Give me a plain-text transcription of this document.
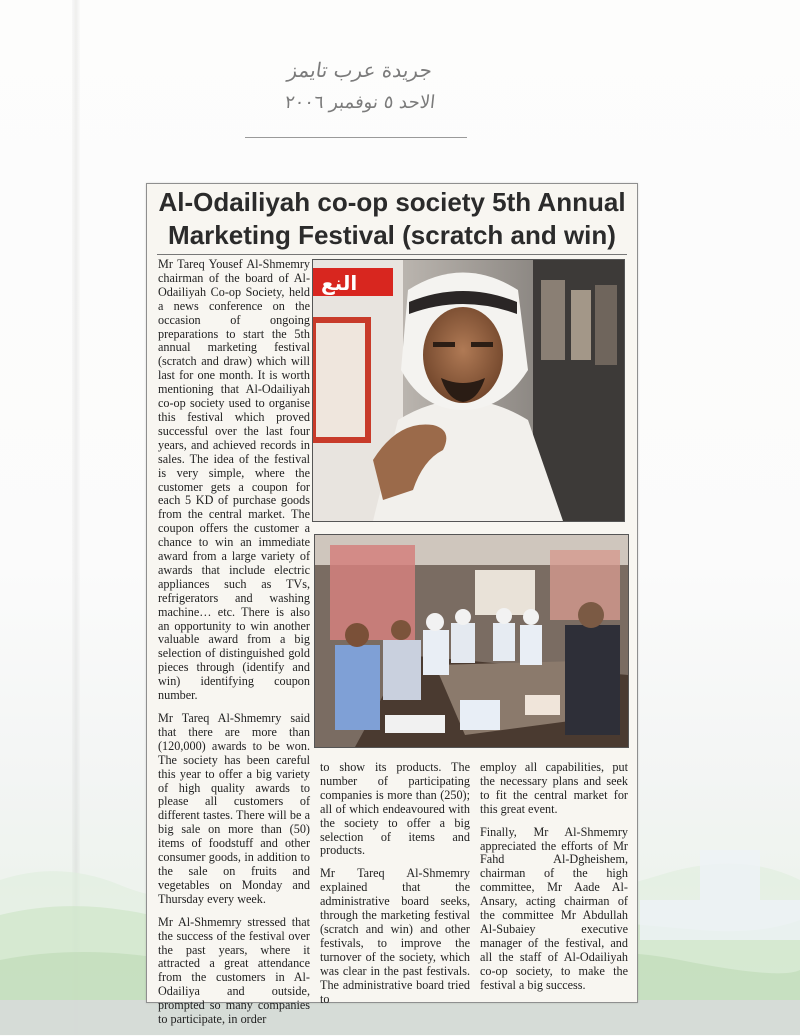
جريدة عرب تايمز
الاحد ٥ نوفمبر ٢٠٠٦
Al-Odailiyah co-op society 5th Annual
Marketing Festival (scratch and win)

Mr Tareq Yousef Al-Shmemry chairman of the board of Al-Odailiyah Co-op Society, held a news conference on the occasion of ongoing preparations to start the 5th annual marketing festival (scratch and draw) which will last for one month. It is worth mentioning that Al-Odailiyah co-op society used to organise this festival which proved successful over the last four years, and achieved records in sales. The idea of the festival is very simple, where the customer gets a coupon for each 5 KD of purchase goods from the central market. The coupon offers the customer a chance to win an immediate award from a large variety of awards that include electric appliances such as TVs, refrigerators and washing machine… etc. There is also an opportunity to win another valuable award from a big selection of distinguished gold pieces through (identify and win) identifying coupon number.

Mr Tareq Al-Shmemry said that there are more than (120,000) awards to be won. The society has been careful this year to offer a big variety of high quality awards to please all customers of different tastes. There will be a big sale on more than (50) items of foodstuff and other consumer goods, in addition to the sale on fruits and vegetables on Monday and Thursday every week.

Mr Al-Shmemry stressed that the success of the festival over the past years, where it attracted a great attendance from the customers in Al-Odailiya and outside, prompted so many companies to participate, in order

النع

to show its products. The number of participating companies is more than (250); all of which endeavoured with the society to offer a big selection of items and products.

Mr Tareq Al-Shmemry explained that the administrative board seeks, through the marketing festival (scratch and win) and other festivals, to improve the turnover of the society, which was clear in the past festivals. The administrative board tried to

employ all capabilities, put the necessary plans and seek to fit the central market for this great event.

Finally, Mr Al-Shmemry appreciated the efforts of Mr Fahd Al-Dgheishem, chairman of the high committee, Mr Aade Al-Ansary, acting chairman of the committee Mr Abdullah Al-Subaiey executive manager of the festival, and all the staff of Al-Odailiyah co-op society, to make the festival a big success.
